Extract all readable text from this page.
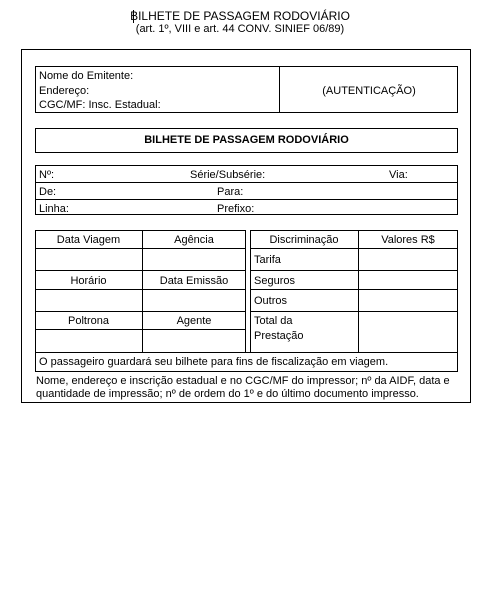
BILHETE DE PASSAGEM RODOVIÁRIO
(art. 1º, VIII e art. 44 CONV. SINIEF 06/89)
Nome do Emitente:
Endereço:
CGC/MF: Insc. Estadual:
(AUTENTICAÇÃO)
BILHETE DE PASSAGEM RODOVIÁRIO
Nº:	Série/Subsérie:	Via:
De:	Para:
Linha:	Prefixo:
Data Viagem	Agência
Horário	Data Emissão
Poltrona	Agente
Discriminação	Valores R$
Tarifa
Seguros
Outros
Total da
Prestação
O passageiro guardará seu bilhete para fins de fiscalização em viagem.
Nome, endereço e inscrição estadual e no CGC/MF do impressor; nº da AIDF, data e
quantidade de impressão; nº de ordem do 1º e do último documento impresso.
